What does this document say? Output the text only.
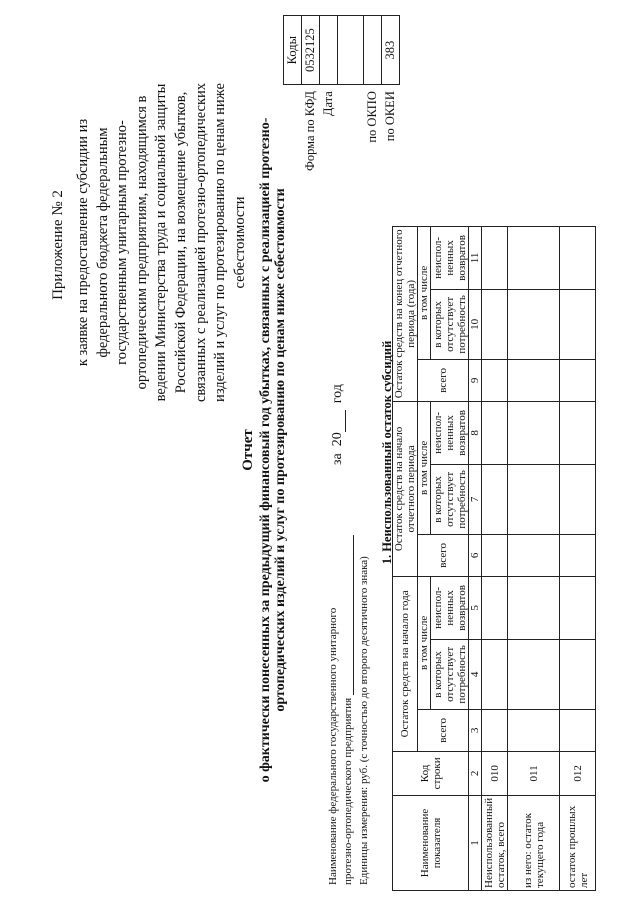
Приложение № 2 к заявке на предоставление субсидии из федерального бюджета федеральным государственным унитарным протезно- ортопедическим предприятиям, находящимся в ведении Министерства труда и социальной защиты Российской Федерации, на возмещение убытков, связанных с реализацией протезно-ортопедических изделий и услуг по протезированию по ценам ниже себестоимости
Отчет о фактически понесенных за предыдущий финансовый год убытках, связанных с реализацией протезно- ортопедических изделий и услуг по протезированию по ценам ниже себестоимости	за  20  год
	Коды
Форма по КФД	0532125
Дата	

по ОКПО	
по ОКЕИ	383
Наименование федерального государственного унитарного протезно-ортопедического предприятия Единицы измерения: руб. (с точностью до второго десятичного знака)
1. Неиспользованный остаток субсидий
Наименование показателя	Код строки	Остаток средств на начало года			Остаток средств на начало отчетного периода			Остаток средств на конец отчетного периода (года)		
		всего	в том числе		всего	в том числе		всего	в том числе	
			в которых отсутствует потребность	неиспол-ненных возвратов		в которых отсутствует потребность	неиспол-ненных возвратов		в которых отсутствует потребность	неиспол-ненных возвратов
1	2	3	4	5	6	7	8	9	10	11
Неиспользованный остаток, всего	010									
из него: остаток текущего года	011									
остаток прошлых лет	012									
